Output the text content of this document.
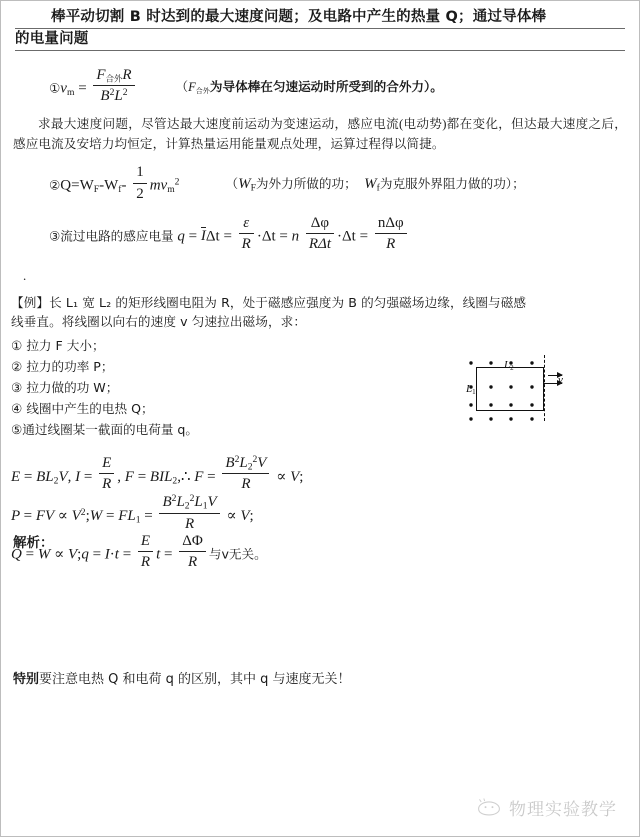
棒平动切割 B 时达到的最大速度问题；及电路中产生的热量 Q；通过导体棒
的电量问题
$①v_m = \frac{\text{F合外R}}{B^2L^2}$	（F合外为导体棒在匀速运动时所受到的合外力）。
求最大速度问题，尽管达最大速度前运动为变速运动，感应电流(电动势)都在变化，但达最大速度之后，感应电流及安培力均恒定，计算热量运用能量观点处理，运算过程得以简捷。
$②Q=W_F-W_f- \frac{1}{2} mv_m^2$	（$W_F$为外力所做的功； $W_f$为克服外界阻力做的功）；
③流过电路的感应电量 $q = I\Delta t = \frac{\varepsilon}{R} \cdot\Delta t = n \frac{\Delta\varphi}{\text{RΔt}} \cdot\Delta t = \frac{\text{nΔφ}}{R}$
.
【例】长 L₁ 宽 L₂ 的矩形线圈电阻为 R，处于磁感应强度为 B 的匀强磁场边缘，线圈与磁感
线垂直。将线圈以向右的速度 v 匀速拉出磁场，求：
① 拉力 F 大小；
② 拉力的功率 P；
③ 拉力做的功 W；
④ 线圈中产生的电热 Q；
⑤通过线圈某一截面的电荷量 q。
$L_2$
$L_1$
v
解析：
$E = BL_2V$, $I = \frac{E}{R}$ , $F = BIL_2,\therefore$ $F = \frac{B^2L_2^2V}{R} \propto V$;
P = FV ∝ $V^2;W = FL_1 = \frac{B^2L_2^2L_1V}{R} \propto V$;
Q = W ∝ V;q = $I\cdot t = \frac{E}{R}$ $t = \frac{\Delta\Phi}{R}$ 与v无关。
特别要注意电热 Q 和电荷 q 的区别，其中 q 与速度无关！
物理实验教学
